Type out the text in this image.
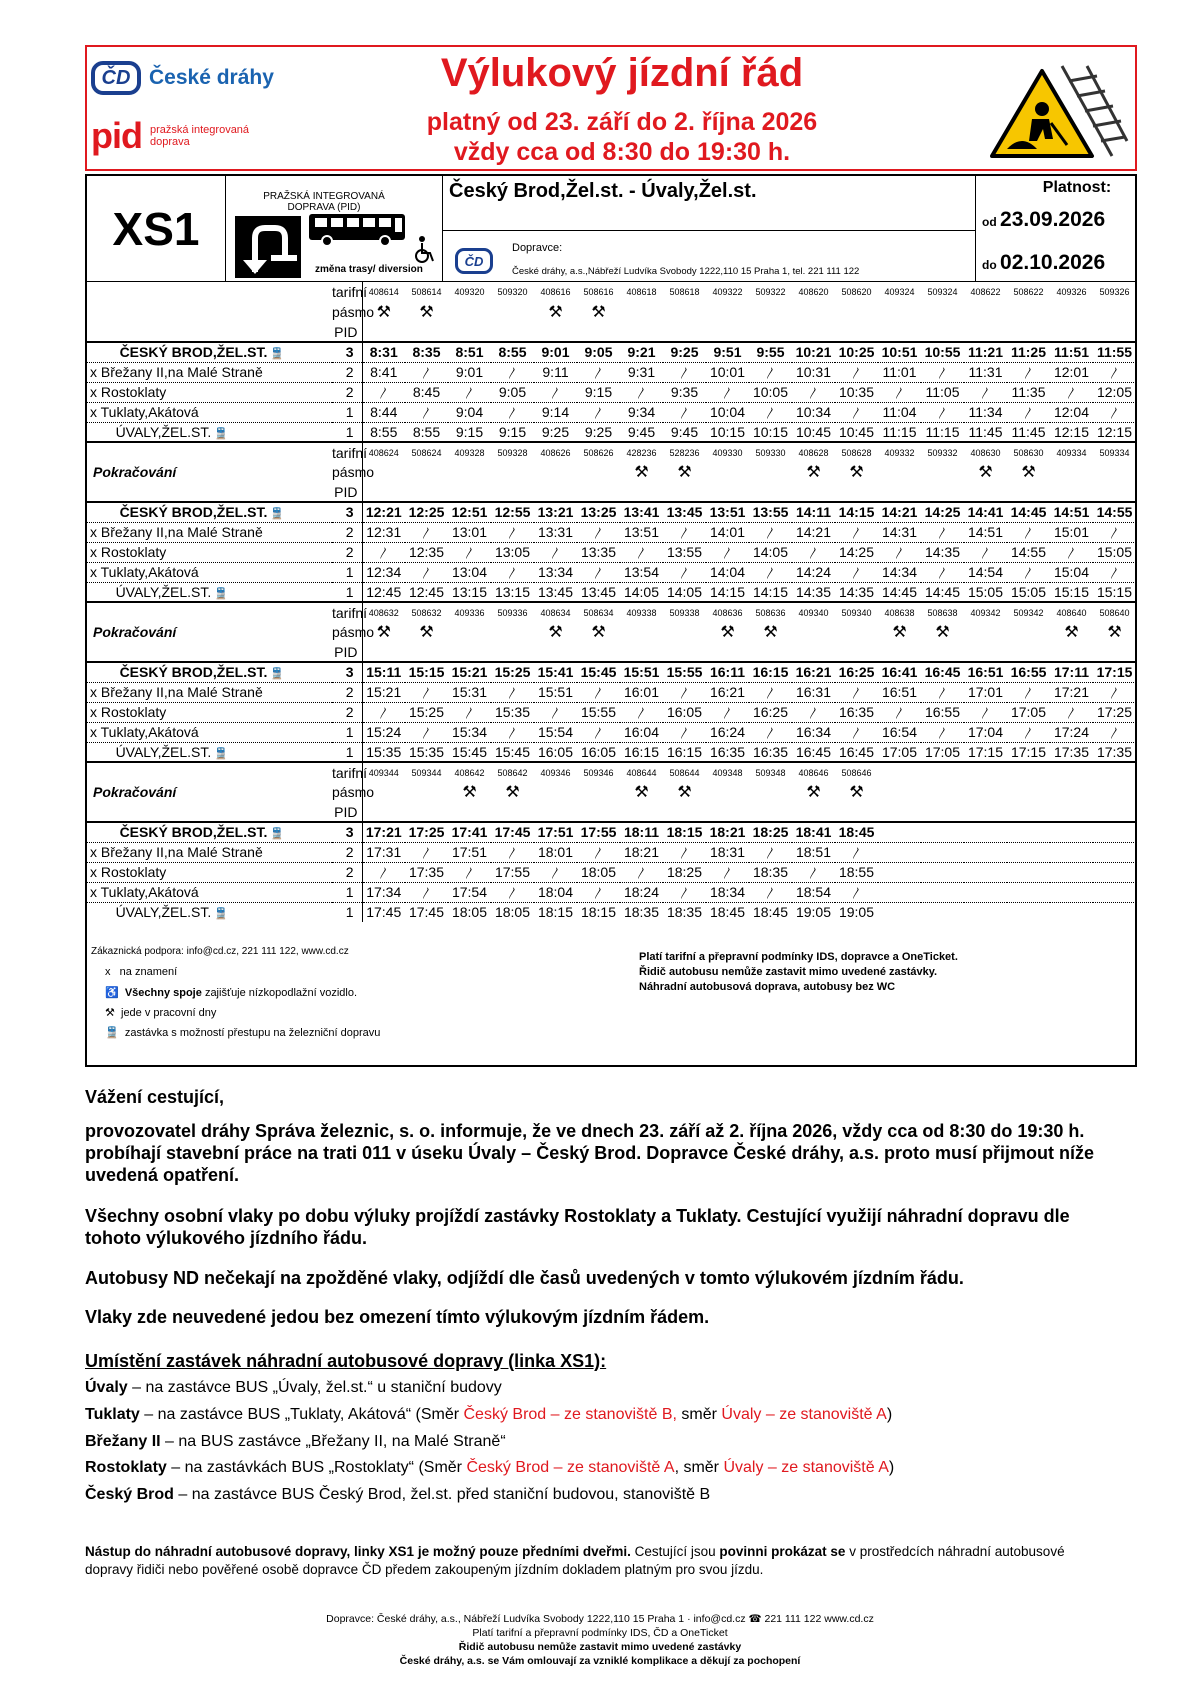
ČD České dráhy
pid pražská integrovaná doprava
Výlukový jízdní řád
platný od 23. září do 2. října 2026
vždy cca od 8:30 do 19:30 h.
XS1
PRAŽSKÁ INTEGROVANÁ DOPRAVA (PID)
změna trasy/ diversion
Český Brod,Žel.st. - Úvaly,Žel.st.
ČD
Dopravce:
České dráhy, a.s.,Nábřeží Ludvíka Svobody 1222,110 15 Praha 1, tel. 221 111 122
Platnost:
od 23.09.2026
do 02.10.2026
	tarifní	408614	508614	409320	509320	408616	508616	408618	508618	409322	509322	408620	508620	409324	509324	408622	508622	409326	509326
	pásmo	⚒	⚒			⚒	⚒												
	PID																		
ČESKÝ BROD,ŽEL.ST. 🚆	3	8:31	8:35	8:51	8:55	9:01	9:05	9:21	9:25	9:51	9:55	10:21	10:25	10:51	10:55	11:21	11:25	11:51	11:55
x Břežany II,na Malé Straně	2	8:41	〳	9:01	〳	9:11	〳	9:31	〳	10:01	〳	10:31	〳	11:01	〳	11:31	〳	12:01	〳
x Rostoklaty	2	〳	8:45	〳	9:05	〳	9:15	〳	9:35	〳	10:05	〳	10:35	〳	11:05	〳	11:35	〳	12:05
x Tuklaty,Akátová	1	8:44	〳	9:04	〳	9:14	〳	9:34	〳	10:04	〳	10:34	〳	11:04	〳	11:34	〳	12:04	〳
ÚVALY,ŽEL.ST. 🚆	1	8:55	8:55	9:15	9:15	9:25	9:25	9:45	9:45	10:15	10:15	10:45	10:45	11:15	11:15	11:45	11:45	12:15	12:15
	tarifní	408624	508624	409328	509328	408626	508626	428236	528236	409330	509330	408628	508628	409332	509332	408630	508630	409334	509334
Pokračování	pásmo							⚒	⚒			⚒	⚒			⚒	⚒		
	PID																		
ČESKÝ BROD,ŽEL.ST. 🚆	3	12:21	12:25	12:51	12:55	13:21	13:25	13:41	13:45	13:51	13:55	14:11	14:15	14:21	14:25	14:41	14:45	14:51	14:55
x Břežany II,na Malé Straně	2	12:31	〳	13:01	〳	13:31	〳	13:51	〳	14:01	〳	14:21	〳	14:31	〳	14:51	〳	15:01	〳
x Rostoklaty	2	〳	12:35	〳	13:05	〳	13:35	〳	13:55	〳	14:05	〳	14:25	〳	14:35	〳	14:55	〳	15:05
x Tuklaty,Akátová	1	12:34	〳	13:04	〳	13:34	〳	13:54	〳	14:04	〳	14:24	〳	14:34	〳	14:54	〳	15:04	〳
ÚVALY,ŽEL.ST. 🚆	1	12:45	12:45	13:15	13:15	13:45	13:45	14:05	14:05	14:15	14:15	14:35	14:35	14:45	14:45	15:05	15:05	15:15	15:15
	tarifní	408632	508632	409336	509336	408634	508634	409338	509338	408636	508636	409340	509340	408638	508638	409342	509342	408640	508640
Pokračování	pásmo	⚒	⚒			⚒	⚒			⚒	⚒			⚒	⚒			⚒	⚒
	PID																		
ČESKÝ BROD,ŽEL.ST. 🚆	3	15:11	15:15	15:21	15:25	15:41	15:45	15:51	15:55	16:11	16:15	16:21	16:25	16:41	16:45	16:51	16:55	17:11	17:15
x Břežany II,na Malé Straně	2	15:21	〳	15:31	〳	15:51	〳	16:01	〳	16:21	〳	16:31	〳	16:51	〳	17:01	〳	17:21	〳
x Rostoklaty	2	〳	15:25	〳	15:35	〳	15:55	〳	16:05	〳	16:25	〳	16:35	〳	16:55	〳	17:05	〳	17:25
x Tuklaty,Akátová	1	15:24	〳	15:34	〳	15:54	〳	16:04	〳	16:24	〳	16:34	〳	16:54	〳	17:04	〳	17:24	〳
ÚVALY,ŽEL.ST. 🚆	1	15:35	15:35	15:45	15:45	16:05	16:05	16:15	16:15	16:35	16:35	16:45	16:45	17:05	17:05	17:15	17:15	17:35	17:35
	tarifní	409344	509344	408642	508642	409346	509346	408644	508644	409348	509348	408646	508646						
Pokračování	pásmo			⚒	⚒			⚒	⚒			⚒	⚒						
	PID																		
ČESKÝ BROD,ŽEL.ST. 🚆	3	17:21	17:25	17:41	17:45	17:51	17:55	18:11	18:15	18:21	18:25	18:41	18:45						
x Břežany II,na Malé Straně	2	17:31	〳	17:51	〳	18:01	〳	18:21	〳	18:31	〳	18:51	〳						
x Rostoklaty	2	〳	17:35	〳	17:55	〳	18:05	〳	18:25	〳	18:35	〳	18:55						
x Tuklaty,Akátová	1	17:34	〳	17:54	〳	18:04	〳	18:24	〳	18:34	〳	18:54	〳						
ÚVALY,ŽEL.ST. 🚆	1	17:45	17:45	18:05	18:05	18:15	18:15	18:35	18:35	18:45	18:45	19:05	19:05						
Zákaznická podpora: info@cd.cz, 221 111 122, www.cd.cz
x na znamení
♿ Všechny spoje zajišťuje nízkopodlažní vozidlo.
⚒ jede v pracovní dny
🚆 zastávka s možností přestupu na železniční dopravu
Platí tarifní a přepravní podmínky IDS, dopravce a OneTicket.
Řidič autobusu nemůže zastavit mimo uvedené zastávky.
Náhradní autobusová doprava, autobusy bez WC
Vážení cestující,
provozovatel dráhy Správa železnic, s. o. informuje, že ve dnech 23. září až 2. října 2026, vždy cca od 8:30 do 19:30 h. probíhají stavební práce na trati 011 v úseku Úvaly – Český Brod. Dopravce České dráhy, a.s. proto musí přijmout níže uvedená opatření.
Všechny osobní vlaky po dobu výluky projíždí zastávky Rostoklaty a Tuklaty. Cestující využijí náhradní dopravu dle tohoto výlukového jízdního řádu.
Autobusy ND nečekají na zpožděné vlaky, odjíždí dle časů uvedených v tomto výlukovém jízdním řádu.
Vlaky zde neuvedené jedou bez omezení tímto výlukovým jízdním řádem.
Umístění zastávek náhradní autobusové dopravy (linka XS1):
Úvaly – na zastávce BUS „Úvaly, žel.st.“ u staniční budovy
Tuklaty – na zastávce BUS „Tuklaty, Akátová“ (Směr Český Brod – ze stanoviště B, směr Úvaly – ze stanoviště A)
Břežany II – na BUS zastávce „Břežany II, na Malé Straně“
Rostoklaty – na zastávkách BUS „Rostoklaty“ (Směr Český Brod – ze stanoviště A, směr Úvaly – ze stanoviště A)
Český Brod – na zastávce BUS Český Brod, žel.st. před staniční budovou, stanoviště B
Nástup do náhradní autobusové dopravy, linky XS1 je možný pouze předními dveřmi. Cestující jsou povinni prokázat se v prostředcích náhradní autobusové dopravy řidiči nebo pověřené osobě dopravce ČD předem zakoupeným jízdním dokladem platným pro svou jízdu.
Dopravce: České dráhy, a.s., Nábřeží Ludvíka Svobody 1222,110 15 Praha 1 · info@cd.cz ☎ 221 111 122 www.cd.cz
Platí tarifní a přepravní podmínky IDS, ČD a OneTicket
Řidič autobusu nemůže zastavit mimo uvedené zastávky
České dráhy, a.s. se Vám omlouvají za vzniklé komplikace a děkují za pochopení
